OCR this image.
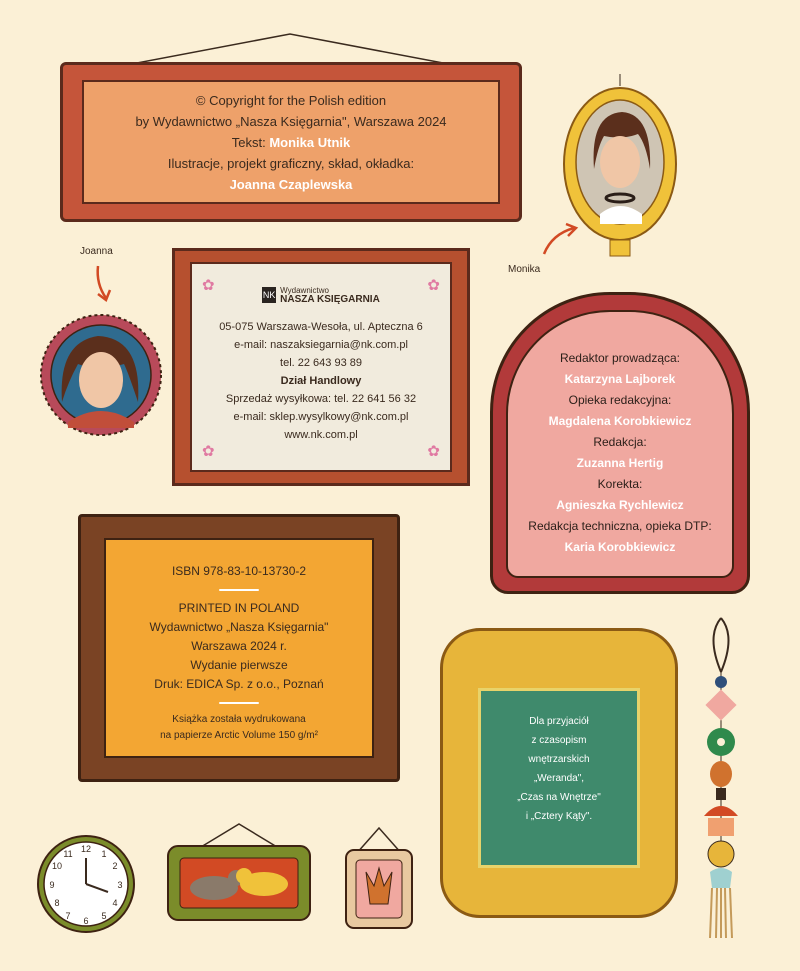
© Copyright for the Polish edition
by Wydawnictwo „Nasza Księgarnia", Warszawa 2024
Tekst: Monika Utnik
Ilustracje, projekt graficzny, skład, okładka:
Joanna Czaplewska
Monika
Joanna
✿	✿
✿	✿
NK Wydawnictwo
NASZA KSIĘGARNIA
05-075 Warszawa-Wesoła, ul. Apteczna 6
e-mail: naszaksiegarnia@nk.com.pl
tel. 22 643 93 89
Dział Handlowy
Sprzedaż wysyłkowa: tel. 22 641 56 32
e-mail: sklep.wysylkowy@nk.com.pl
www.nk.com.pl
Redaktor prowadząca:
Katarzyna Lajborek
Opieka redakcyjna:
Magdalena Korobkiewicz
Redakcja:
Zuzanna Hertig
Korekta:
Agnieszka Rychlewicz
Redakcja techniczna, opieka DTP:
Karia Korobkiewicz
ISBN 978-83-10-13730-2
PRINTED IN POLAND
Wydawnictwo „Nasza Księgarnia"
Warszawa 2024 r.
Wydanie pierwsze
Druk: EDICA Sp. z o.o., Poznań
Książka została wydrukowana
na papierze Arctic Volume 150 g/m²
Dla przyjaciół
z czasopism
wnętrzarskich
„Weranda",
„Czas na Wnętrze"
i „Cztery Kąty".
12 1
2
3
4
5
6
7
8
9
10
11
